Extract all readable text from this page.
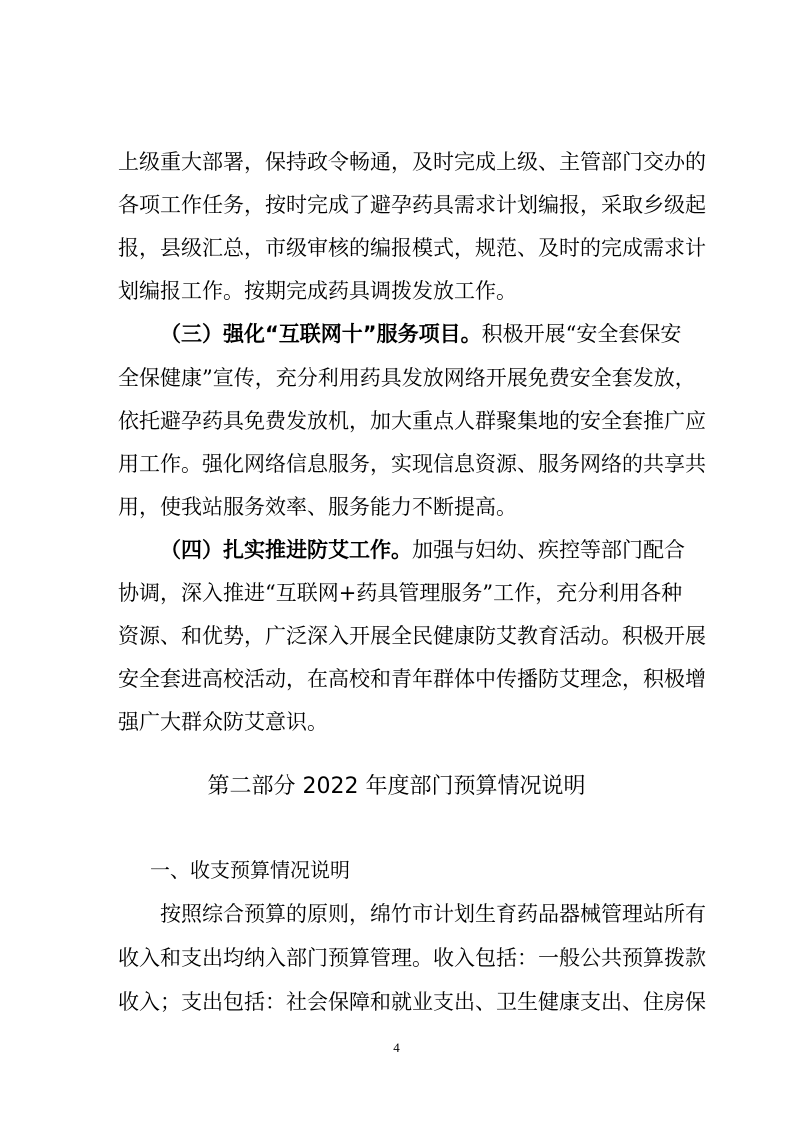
上级重大部署，保持政令畅通，及时完成上级、主管部门交办的
各项工作任务，按时完成了避孕药具需求计划编报，采取乡级起
报，县级汇总，市级审核的编报模式，规范、及时的完成需求计
划编报工作。按期完成药具调拨发放工作。
（三）强化“互联网十”服务项目。积极开展“安全套保安
全保健康”宣传，充分利用药具发放网络开展免费安全套发放，
依托避孕药具免费发放机，加大重点人群聚集地的安全套推广应
用工作。强化网络信息服务，实现信息资源、服务网络的共享共
用，使我站服务效率、服务能力不断提高。
（四）扎实推进防艾工作。加强与妇幼、疾控等部门配合
协调，深入推进“互联网+药具管理服务”工作，充分利用各种
资源、和优势，广泛深入开展全民健康防艾教育活动。积极开展
安全套进高校活动，在高校和青年群体中传播防艾理念，积极增
强广大群众防艾意识。
第二部分 2022 年度部门预算情况说明
一、收支预算情况说明
按照综合预算的原则，绵竹市计划生育药品器械管理站所有
收入和支出均纳入部门预算管理。收入包括：一般公共预算拨款
收入；支出包括：社会保障和就业支出、卫生健康支出、住房保
4
